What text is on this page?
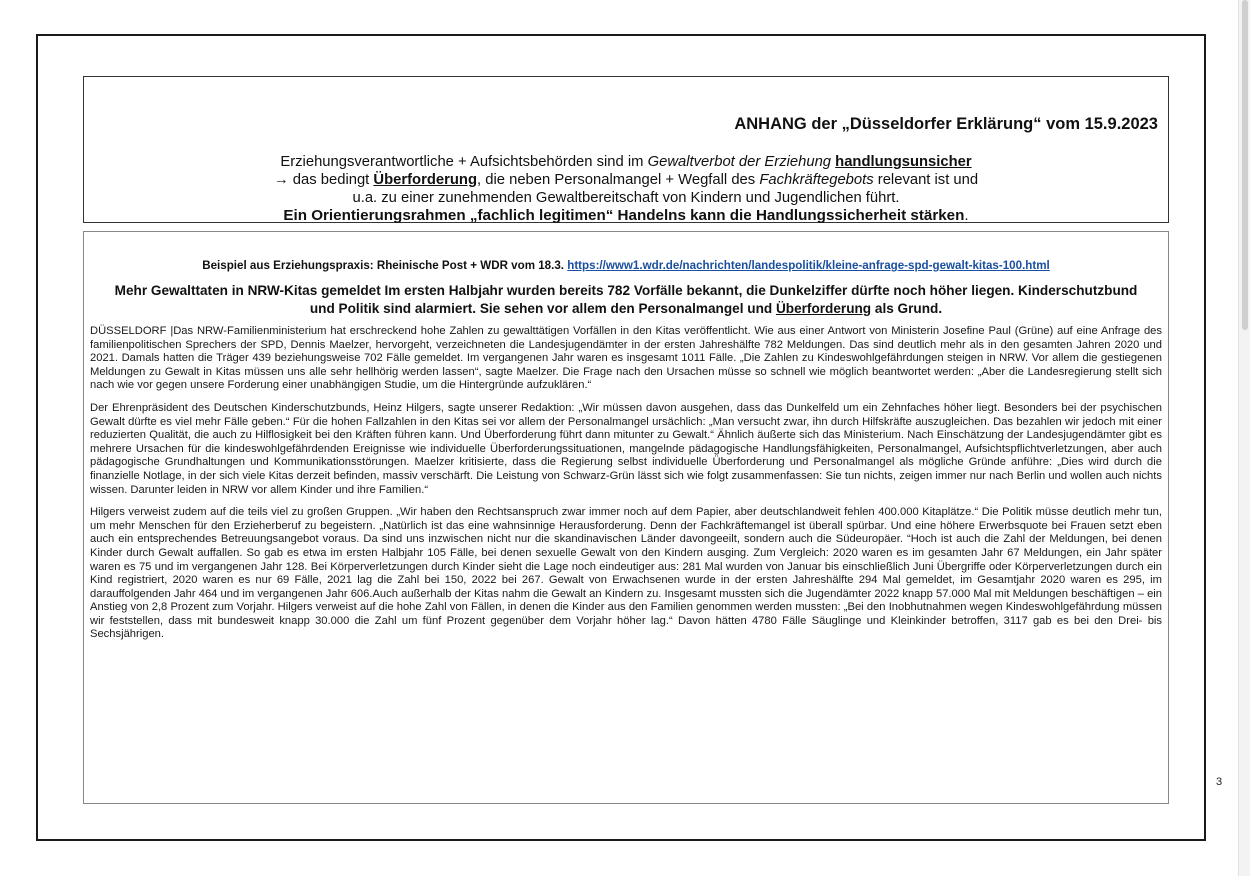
ANHANG der „Düsseldorfer Erklärung“ vom 15.9.2023
Erziehungsverantwortliche + Aufsichtsbehörden sind im Gewaltverbot der Erziehung handlungsunsicher
→ das bedingt Überforderung, die neben Personalmangel + Wegfall des Fachkräftegebots relevant ist und
u.a. zu einer zunehmenden Gewaltbereitschaft von Kindern und Jugendlichen führt.
Ein Orientierungsrahmen „fachlich legitimen“ Handelns kann die Handlungssicherheit stärken.
Beispiel aus Erziehungspraxis: Rheinische Post + WDR vom 18.3. https://www1.wdr.de/nachrichten/landespolitik/kleine-anfrage-spd-gewalt-kitas-100.html
Mehr Gewalttaten in NRW-Kitas gemeldet Im ersten Halbjahr wurden bereits 782 Vorfälle bekannt, die Dunkelziffer dürfte noch höher liegen. Kinderschutzbund und Politik sind alarmiert. Sie sehen vor allem den Personalmangel und Überforderung als Grund.

DÜSSELDORF |Das NRW-Familienministerium hat erschreckend hohe Zahlen zu gewalttätigen Vorfällen in den Kitas veröffentlicht. Wie aus einer Antwort von Ministerin Josefine Paul (Grüne) auf eine Anfrage des familienpolitischen Sprechers der SPD, Dennis Maelzer, hervorgeht, verzeichneten die Landesjugendämter in der ersten Jahreshälfte 782 Meldungen. Das sind deutlich mehr als in den gesamten Jahren 2020 und 2021. Damals hatten die Träger 439 beziehungsweise 702 Fälle gemeldet. Im vergangenen Jahr waren es insgesamt 1011 Fälle. „Die Zahlen zu Kindeswohlgefährdungen steigen in NRW. Vor allem die gestiegenen Meldungen zu Gewalt in Kitas müssen uns alle sehr hellhörig werden lassen“, sagte Maelzer. Die Frage nach den Ursachen müsse so schnell wie möglich beantwortet werden: „Aber die Landesregierung stellt sich nach wie vor gegen unsere Forderung einer unabhängigen Studie, um die Hintergründe aufzuklären.“

Der Ehrenpräsident des Deutschen Kinderschutzbunds, Heinz Hilgers, sagte unserer Redaktion: „Wir müssen davon ausgehen, dass das Dunkelfeld um ein Zehnfaches höher liegt. Besonders bei der psychischen Gewalt dürfte es viel mehr Fälle geben.“ Für die hohen Fallzahlen in den Kitas sei vor allem der Personalmangel ursächlich: „Man versucht zwar, ihn durch Hilfskräfte auszugleichen. Das bezahlen wir jedoch mit einer reduzierten Qualität, die auch zu Hilflosigkeit bei den Kräften führen kann. Und Überforderung führt dann mitunter zu Gewalt.“ Ähnlich äußerte sich das Ministerium. Nach Einschätzung der Landesjugendämter gibt es mehrere Ursachen für die kindeswohlgefährdenden Ereignisse wie individuelle Überforderungssituationen, mangelnde pädagogische Handlungsfähigkeiten, Personalmangel, Aufsichtspflichtverletzungen, aber auch pädagogische Grundhaltungen und Kommunikationsstörungen. Maelzer kritisierte, dass die Regierung selbst individuelle Überforderung und Personalmangel als mögliche Gründe anführe: „Dies wird durch die finanzielle Notlage, in der sich viele Kitas derzeit befinden, massiv verschärft. Die Leistung von Schwarz-Grün lässt sich wie folgt zusammenfassen: Sie tun nichts, zeigen immer nur nach Berlin und wollen auch nichts wissen. Darunter leiden in NRW vor allem Kinder und ihre Familien.“

Hilgers verweist zudem auf die teils viel zu großen Gruppen. „Wir haben den Rechtsanspruch zwar immer noch auf dem Papier, aber deutschlandweit fehlen 400.000 Kitaplätze.“ Die Politik müsse deutlich mehr tun, um mehr Menschen für den Erzieherberuf zu begeistern. „Natürlich ist das eine wahnsinnige Herausforderung. Denn der Fachkräftemangel ist überall spürbar. Und eine höhere Erwerbsquote bei Frauen setzt eben auch ein entsprechendes Betreuungsangebot voraus. Da sind uns inzwischen nicht nur die skandinavischen Länder davongeeilt, sondern auch die Südeuropäer. “Hoch ist auch die Zahl der Meldungen, bei denen Kinder durch Gewalt auffallen. So gab es etwa im ersten Halbjahr 105 Fälle, bei denen sexuelle Gewalt von den Kindern ausging. Zum Vergleich: 2020 waren es im gesamten Jahr 67 Meldungen, ein Jahr später waren es 75 und im vergangenen Jahr 128. Bei Körperverletzungen durch Kinder sieht die Lage noch eindeutiger aus: 281 Mal wurden von Januar bis einschließlich Juni Übergriffe oder Körperverletzungen durch ein Kind registriert, 2020 waren es nur 69 Fälle, 2021 lag die Zahl bei 150, 2022 bei 267. Gewalt von Erwachsenen wurde in der ersten Jahreshälfte 294 Mal gemeldet, im Gesamtjahr 2020 waren es 295, im darauffolgenden Jahr 464 und im vergangenen Jahr 606.Auch außerhalb der Kitas nahm die Gewalt an Kindern zu. Insgesamt mussten sich die Jugendämter 2022 knapp 57.000 Mal mit Meldungen beschäftigen – ein Anstieg von 2,8 Prozent zum Vorjahr. Hilgers verweist auf die hohe Zahl von Fällen, in denen die Kinder aus den Familien genommen werden mussten: „Bei den Inobhutnahmen wegen Kindeswohlgefährdung müssen wir feststellen, dass mit bundesweit knapp 30.000 die Zahl um fünf Prozent gegenüber dem Vorjahr höher lag.“ Davon hätten 4780 Fälle Säuglinge und Kleinkinder betroffen, 3117 gab es bei den Drei- bis Sechsjährigen.

3
